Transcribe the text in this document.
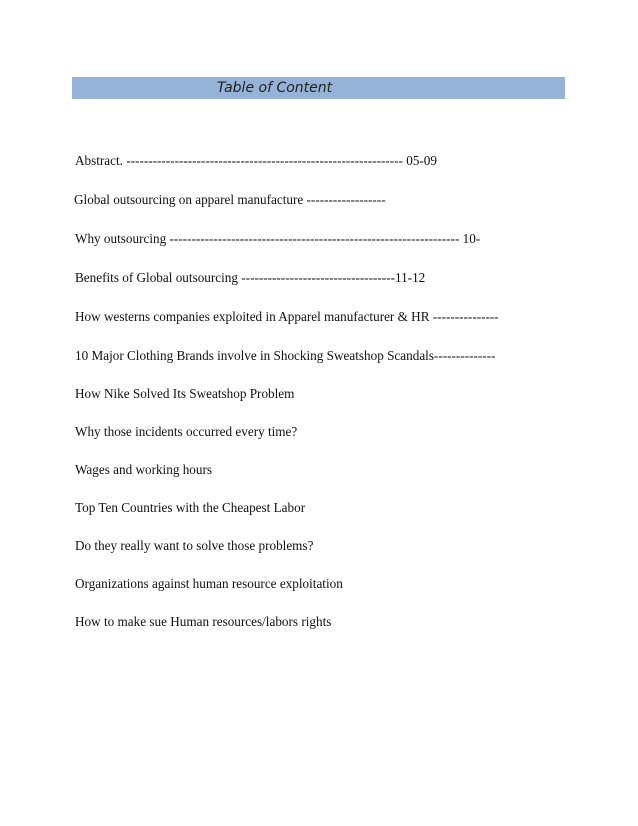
Table of Content
Abstract. --------------------------------------------------------------- 05-09
Global outsourcing on apparel manufacture ------------------
Why outsourcing ------------------------------------------------------------------ 10-
Benefits of Global outsourcing -----------------------------------11-12
How westerns companies exploited in Apparel manufacturer & HR ---------------
10 Major Clothing Brands involve in Shocking Sweatshop Scandals--------------
How Nike Solved Its Sweatshop Problem
Why those incidents occurred every time?
Wages and working hours
Top Ten Countries with the Cheapest Labor
Do they really want to solve those problems?
Organizations against human resource exploitation
How to make sue Human resources/labors rights
